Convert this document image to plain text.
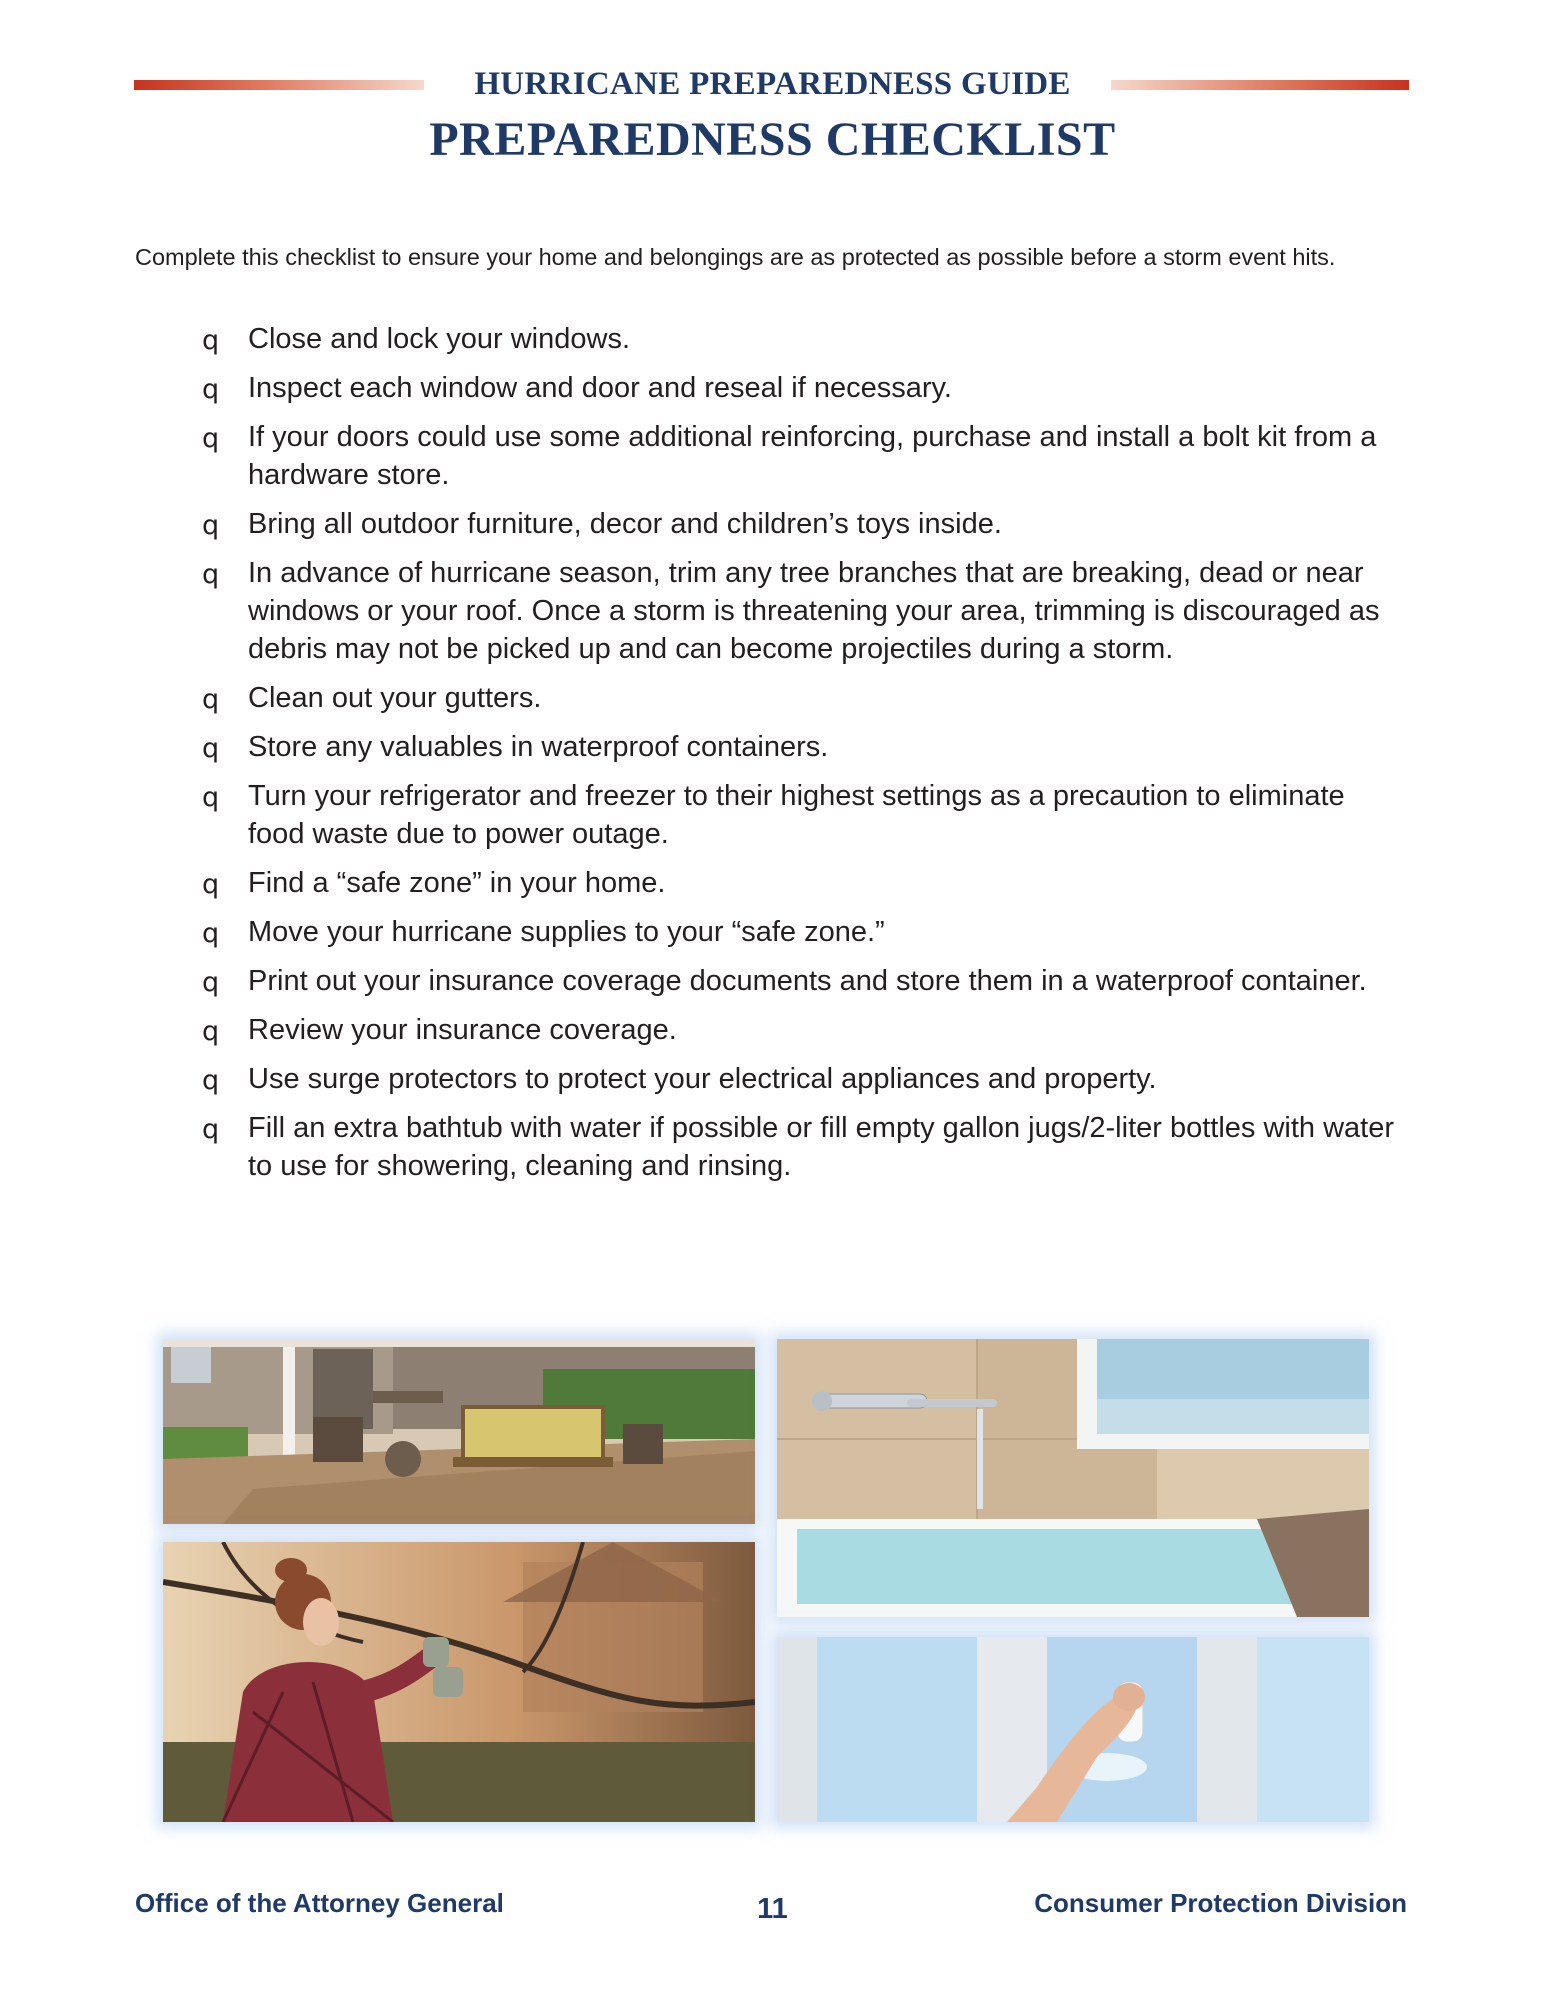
HURRICANE PREPAREDNESS GUIDE
PREPAREDNESS CHECKLIST
Complete this checklist to ensure your home and belongings are as protected as possible before a storm event hits.
q Close and lock your windows.
q Inspect each window and door and reseal if necessary.
q If your doors could use some additional reinforcing, purchase and install a bolt kit from a hardware store.
q Bring all outdoor furniture, decor and children’s toys inside.
q In advance of hurricane season, trim any tree branches that are breaking, dead or near windows or your roof. Once a storm is threatening your area, trimming is discouraged as debris may not be picked up and can become projectiles during a storm.
q Clean out your gutters.
q Store any valuables in waterproof containers.
q Turn your refrigerator and freezer to their highest settings as a precaution to eliminate food waste due to power outage.
q Find a “safe zone” in your home.
q Move your hurricane supplies to your “safe zone.”
q Print out your insurance coverage documents and store them in a waterproof container.
q Review your insurance coverage.
q Use surge protectors to protect your electrical appliances and property.
q Fill an extra bathtub with water if possible or fill empty gallon jugs/2-liter bottles with water to use for showering, cleaning and rinsing.
Office of the Attorney General	11	Consumer Protection Division
